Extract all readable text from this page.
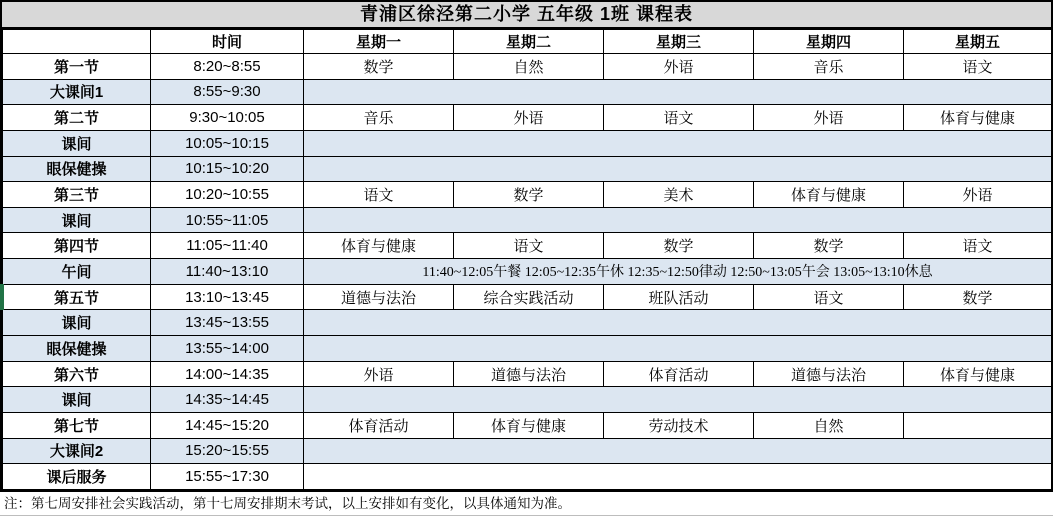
青浦区徐泾第二小学 五年级 1班 课程表
	时间	星期一	星期二	星期三	星期四	星期五
第一节	8:20~8:55	数学	自然	外语	音乐	语文
大课间1	8:55~9:30					
第二节	9:30~10:05	音乐	外语	语文	外语	体育与健康
课间	10:05~10:15					
眼保健操	10:15~10:20					
第三节	10:20~10:55	语文	数学	美术	体育与健康	外语
课间	10:55~11:05					
第四节	11:05~11:40	体育与健康	语文	数学	数学	语文
午间	11:40~13:10	11:40~12:05午餐 12:05~12:35午休 12:35~12:50律动 12:50~13:05午会 13:05~13:10休息				
第五节	13:10~13:45	道德与法治	综合实践活动	班队活动	语文	数学
课间	13:45~13:55					
眼保健操	13:55~14:00					
第六节	14:00~14:35	外语	道德与法治	体育活动	道德与法治	体育与健康
课间	14:35~14:45					
第七节	14:45~15:20	体育活动	体育与健康	劳动技术	自然	
大课间2	15:20~15:55					
课后服务	15:55~17:30					
注：第七周安排社会实践活动，第十七周安排期末考试，以上安排如有变化，以具体通知为准。
